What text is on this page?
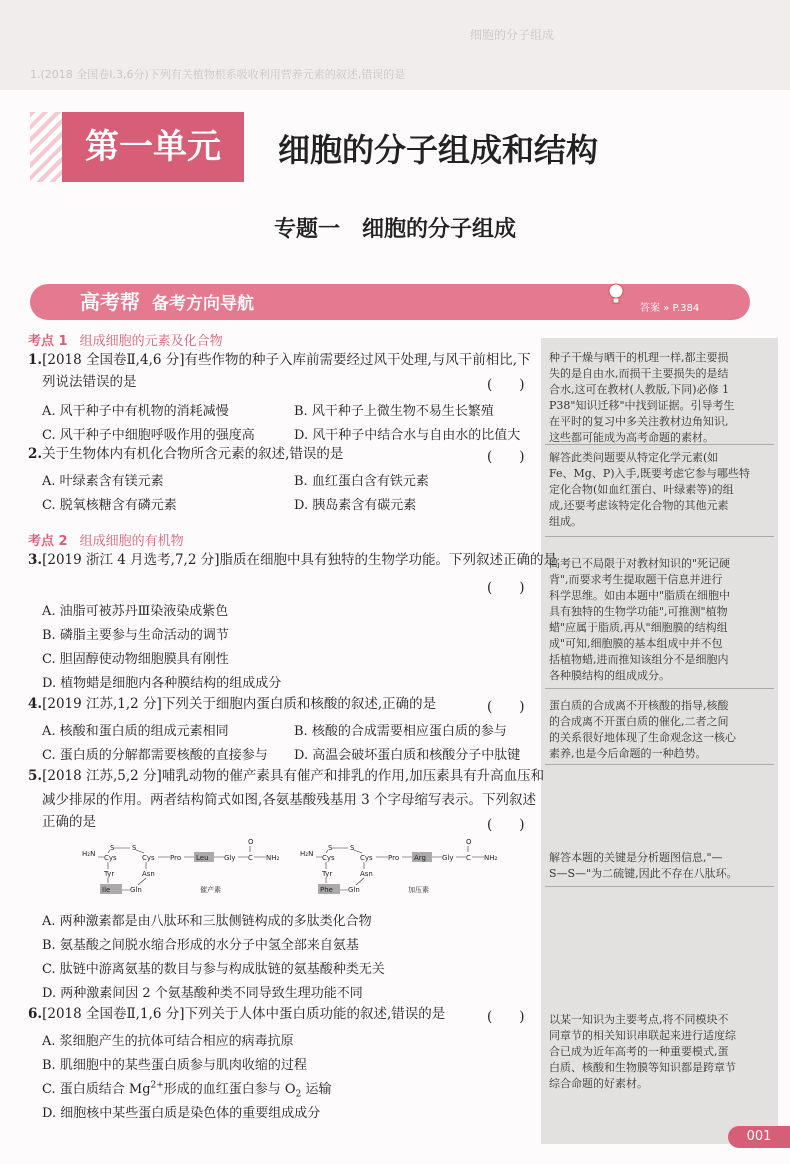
细胞的分子组成
1.(2018 全国卷Ⅰ,3,6分)下列有关植物根系吸收利用营养元素的叙述,错误的是
第一单元	细胞的分子组成和结构
专题一　细胞的分子组成
高考帮 备考方向导航	答案 » P.384
种子干燥与晒干的机理一样,都主要损
失的是自由水,而损干主要损失的是结
合水,这可在教材(人教版,下同)必修 1
P38"知识迁移"中找到证据。引导考生
在平时的复习中多关注教材边角知识,
这些都可能成为高考命题的素材。
解答此类问题要从特定化学元素(如
Fe、Mg、P)入手,既要考虑它参与哪些特
定化合物(如血红蛋白、叶绿素等)的组
成,还要考虑该特定化合物的其他元素
组成。
高考已不局限于对教材知识的"死记硬
背",而要求考生提取题干信息并进行
科学思维。如由本题中"脂质在细胞中
具有独特的生物学功能",可推测"植物
蜡"应属于脂质,再从"细胞膜的结构组
成"可知,细胞膜的基本组成中并不包
括植物蜡,进而推知该组分不是细胞内
各种膜结构的组成成分。
蛋白质的合成离不开核酸的指导,核酸
的合成离不开蛋白质的催化,二者之间
的关系很好地体现了生命观念这一核心
素养,也是今后命题的一种趋势。
解答本题的关键是分析题图信息,"—
S—S—"为二硫键,因此不存在八肽环。
以某一知识为主要考点,将不同模块不
同章节的相关知识串联起来进行适度综
合已成为近年高考的一种重要模式,蛋
白质、核酸和生物膜等知识都是跨章节
综合命题的好素材。
考点 1 组成细胞的元素及化合物
1.[2018 全国卷Ⅱ,4,6 分]有些作物的种子入库前需要经过风干处理,与风干前相比,下
列说法错误的是	(　　)
A. 风干种子中有机物的消耗减慢	B. 风干种子上微生物不易生长繁殖
C. 风干种子中细胞呼吸作用的强度高	D. 风干种子中结合水与自由水的比值大
2.关于生物体内有机化合物所含元素的叙述,错误的是	(　　)
A. 叶绿素含有镁元素	B. 血红蛋白含有铁元素
C. 脱氧核糖含有磷元素	D. 胰岛素含有碳元素
考点 2 组成细胞的有机物
3.[2019 浙江 4 月选考,7,2 分]脂质在细胞中具有独特的生物学功能。下列叙述正确的是
(　　)
A. 油脂可被苏丹Ⅲ染液染成紫色
B. 磷脂主要参与生命活动的调节
C. 胆固醇使动物细胞膜具有刚性
D. 植物蜡是细胞内各种膜结构的组成成分
4.[2019 江苏,1,2 分]下列关于细胞内蛋白质和核酸的叙述,正确的是	(　　)
A. 核酸和蛋白质的组成元素相同	B. 核酸的合成需要相应蛋白质的参与
C. 蛋白质的分解都需要核酸的直接参与 D. 高温会破坏蛋白质和核酸分子中肽键
5.[2018 江苏,5,2 分]哺乳动物的催产素具有催产和排乳的作用,加压素具有升高血压和
减少排尿的作用。两者结构简式如图,各氨基酸残基用 3 个字母缩写表示。下列叙述
正确的是	(　　)
H₂N
S	S
Cys	Cys
Tyr	Asn
Ile	Gln
Pro Leu Gly C
O
NH₂
催产素
H₂N
S	S
Cys	Cys
Tyr	Asn
Phe Gln
Pro Arg Gly C
O
NH₂
加压素
A. 两种激素都是由八肽环和三肽侧链构成的多肽类化合物
B. 氨基酸之间脱水缩合形成的水分子中氢全部来自氨基
C. 肽链中游离氨基的数目与参与构成肽链的氨基酸种类无关
D. 两种激素间因 2 个氨基酸种类不同导致生理功能不同
6.[2018 全国卷Ⅱ,1,6 分]下列关于人体中蛋白质功能的叙述,错误的是	(　　)
A. 浆细胞产生的抗体可结合相应的病毒抗原
B. 肌细胞中的某些蛋白质参与肌肉收缩的过程
C. 蛋白质结合 $Mg^{2+}$形成的血红蛋白参与 $O_2$ 运输
D. 细胞核中某些蛋白质是染色体的重要组成成分
001
